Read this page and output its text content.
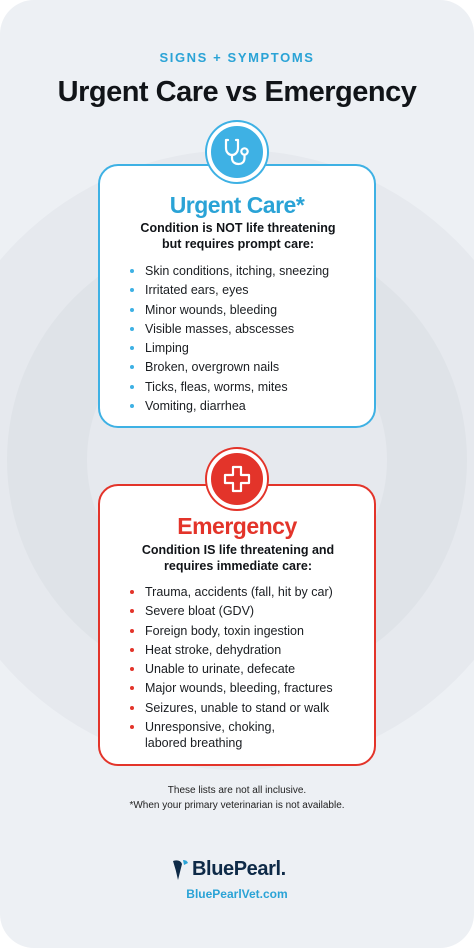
SIGNS + SYMPTOMS
Urgent Care vs Emergency
Urgent Care*
Condition is NOT life threatening
but requires prompt care:
Skin conditions, itching, sneezing
Irritated ears, eyes
Minor wounds, bleeding
Visible masses, abscesses
Limping
Broken, overgrown nails
Ticks, fleas, worms, mites
Vomiting, diarrhea
Emergency
Condition IS life threatening and
requires immediate care:
Trauma, accidents (fall, hit by car)
Severe bloat (GDV)
Foreign body, toxin ingestion
Heat stroke, dehydration
Unable to urinate, defecate
Major wounds, bleeding, fractures
Seizures, unable to stand or walk
Unresponsive, choking,
labored breathing
These lists are not all inclusive.
*When your primary veterinarian is not available.
BluePearl.
BluePearlVet.com
